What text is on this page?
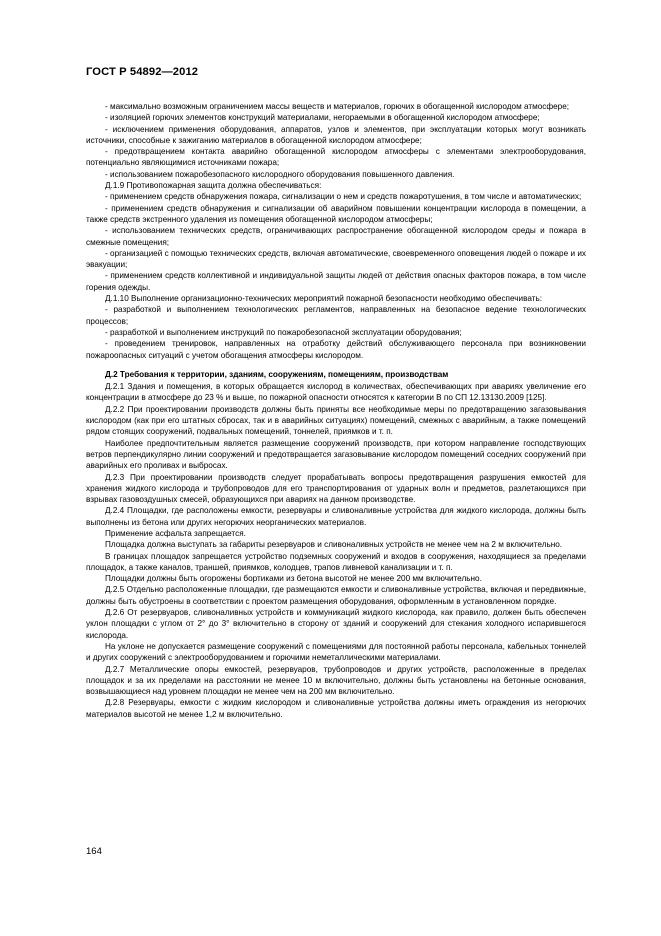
ГОСТ Р 54892—2012

- максимально возможным ограничением массы веществ и материалов, горючих в обогащенной кислородом атмосфере;

- изоляцией горючих элементов конструкций материалами, негораемыми в обогащенной кислородом атмосфере;

- исключением применения оборудования, аппаратов, узлов и элементов, при эксплуатации которых могут возникать источники, способные к зажиганию материалов в обогащенной кислородом атмосфере;

- предотвращением контакта аварийно обогащенной кислородом атмосферы с элементами электрооборудования, потенциально являющимися источниками пожара;

- использованием пожаробезопасного кислородного оборудования повышенного давления.

Д.1.9 Противопожарная защита должна обеспечиваться:

- применением средств обнаружения пожара, сигнализации о нем и средств пожаротушения, в том числе и автоматических;

- применением средств обнаружения и сигнализации об аварийном повышении концентрации кислорода в помещении, а также средств экстренного удаления из помещения обогащенной кислородом атмосферы;

- использованием технических средств, ограничивающих распространение обогащенной кислородом среды и пожара в смежные помещения;

- организацией с помощью технических средств, включая автоматические, своевременного оповещения людей о пожаре и их эвакуации;

- применением средств коллективной и индивидуальной защиты людей от действия опасных факторов пожара, в том числе горения одежды.

Д.1.10 Выполнение организационно-технических мероприятий пожарной безопасности необходимо обеспечивать:

- разработкой и выполнением технологических регламентов, направленных на безопасное ведение технологических процессов;

- разработкой и выполнением инструкций по пожаробезопасной эксплуатации оборудования;

- проведением тренировок, направленных на отработку действий обслуживающего персонала при возникновении пожароопасных ситуаций с учетом обогащения атмосферы кислородом.

Д.2 Требования к территории, зданиям, сооружениям, помещениям, производствам

Д.2.1 Здания и помещения, в которых обращается кислород в количествах, обеспечивающих при авариях увеличение его концентрации в атмосфере до 23 % и выше, по пожарной опасности относятся к категории В по СП 12.13130.2009 [125].

Д.2.2 При проектировании производств должны быть приняты все необходимые меры по предотвращению загазовывания кислородом (как при его штатных сбросах, так и в аварийных ситуациях) помещений, смежных с аварийным, а также помещений рядом стоящих сооружений, подвальных помещений, тоннелей, приямков и т. п.

Наиболее предпочтительным является размещение сооружений производств, при котором направление господствующих ветров перпендикулярно линии сооружений и предотвращается загазовывание кислородом помещений соседних сооружений при аварийных его проливах и выбросах.

Д.2.3 При проектировании производств следует прорабатывать вопросы предотвращения разрушения емкостей для хранения жидкого кислорода и трубопроводов для его транспортирования от ударных волн и предметов, разлетающихся при взрывах газовоздушных смесей, образующихся при авариях на данном производстве.

Д.2.4 Площадки, где расположены емкости, резервуары и сливоналивные устройства для жидкого кислорода, должны быть выполнены из бетона или других негорючих неорганических материалов.

Применение асфальта запрещается.

Площадка должна выступать за габариты резервуаров и сливоналивных устройств не менее чем на 2 м включительно.

В границах площадок запрещается устройство подземных сооружений и входов в сооружения, находящиеся за пределами площадок, а также каналов, траншей, приямков, колодцев, трапов ливневой канализации и т. п.

Площадки должны быть огорожены бортиками из бетона высотой не менее 200 мм включительно.

Д.2.5 Отдельно расположенные площадки, где размещаются емкости и сливоналивные устройства, включая и передвижные, должны быть обустроены в соответствии с проектом размещения оборудования, оформленным в установленном порядке.

Д.2.6 От резервуаров, сливоналивных устройств и коммуникаций жидкого кислорода, как правило, должен быть обеспечен уклон площадки с углом от 2° до 3° включительно в сторону от зданий и сооружений для стекания холодного испарившегося кислорода.

На уклоне не допускается размещение сооружений с помещениями для постоянной работы персонала, кабельных тоннелей и других сооружений с электрооборудованием и горючими неметаллическими материалами.

Д.2.7 Металлические опоры емкостей, резервуаров, трубопроводов и других устройств, расположенные в пределах площадок и за их пределами на расстоянии не менее 10 м включительно, должны быть установлены на бетонные основания, возвышающиеся над уровнем площадки не менее чем на 200 мм включительно.

Д.2.8 Резервуары, емкости с жидким кислородом и сливоналивные устройства должны иметь ограждения из негорючих материалов высотой не менее 1,2 м включительно.

164
